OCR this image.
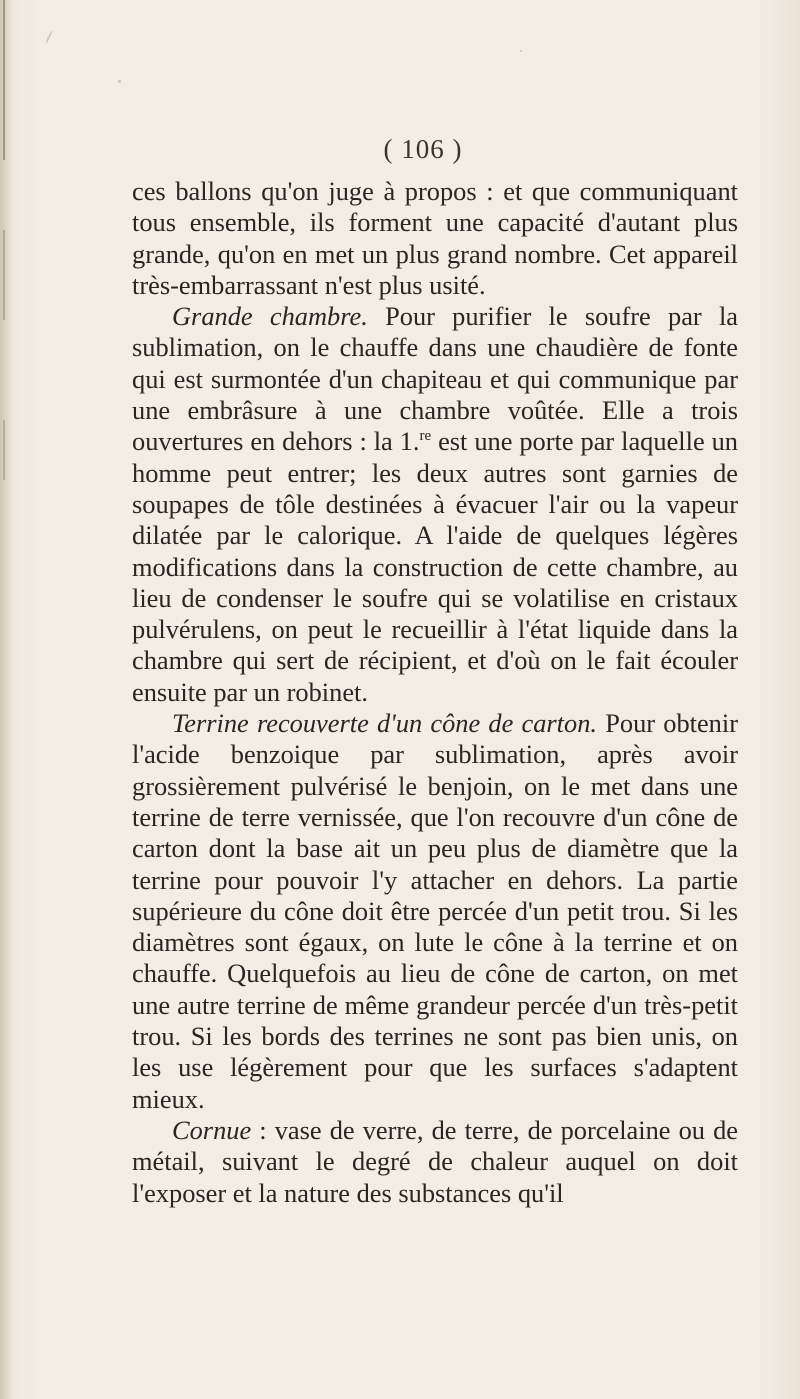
( 106 )

ces ballons qu'on juge à propos : et que communiquant tous ensemble, ils forment une capacité d'autant plus grande, qu'on en met un plus grand nombre. Cet appareil très-embarrassant n'est plus usité.

Grande chambre. Pour purifier le soufre par la sublimation, on le chauffe dans une chaudière de fonte qui est surmontée d'un chapiteau et qui communique par une embrâsure à une chambre voûtée. Elle a trois ouvertures en dehors : la 1.$^{re}$ est une porte par laquelle un homme peut entrer; les deux autres sont garnies de soupapes de tôle destinées à évacuer l'air ou la vapeur dilatée par le calorique. A l'aide de quelques légères modifications dans la construction de cette chambre, au lieu de condenser le soufre qui se volatilise en cristaux pulvérulens, on peut le recueillir à l'état liquide dans la chambre qui sert de récipient, et d'où on le fait écouler ensuite par un robinet.

Terrine recouverte d'un cône de carton. Pour obtenir l'acide benzoique par sublimation, après avoir grossièrement pulvérisé le benjoin, on le met dans une terrine de terre vernissée, que l'on recouvre d'un cône de carton dont la base ait un peu plus de diamètre que la terrine pour pouvoir l'y attacher en dehors. La partie supérieure du cône doit être percée d'un petit trou. Si les diamètres sont égaux, on lute le cône à la terrine et on chauffe. Quelquefois au lieu de cône de carton, on met une autre terrine de même grandeur percée d'un très-petit trou. Si les bords des terrines ne sont pas bien unis, on les use légèrement pour que les surfaces s'adaptent mieux.

Cornue : vase de verre, de terre, de porcelaine ou de métail, suivant le degré de chaleur auquel on doit l'exposer et la nature des substances qu'il
